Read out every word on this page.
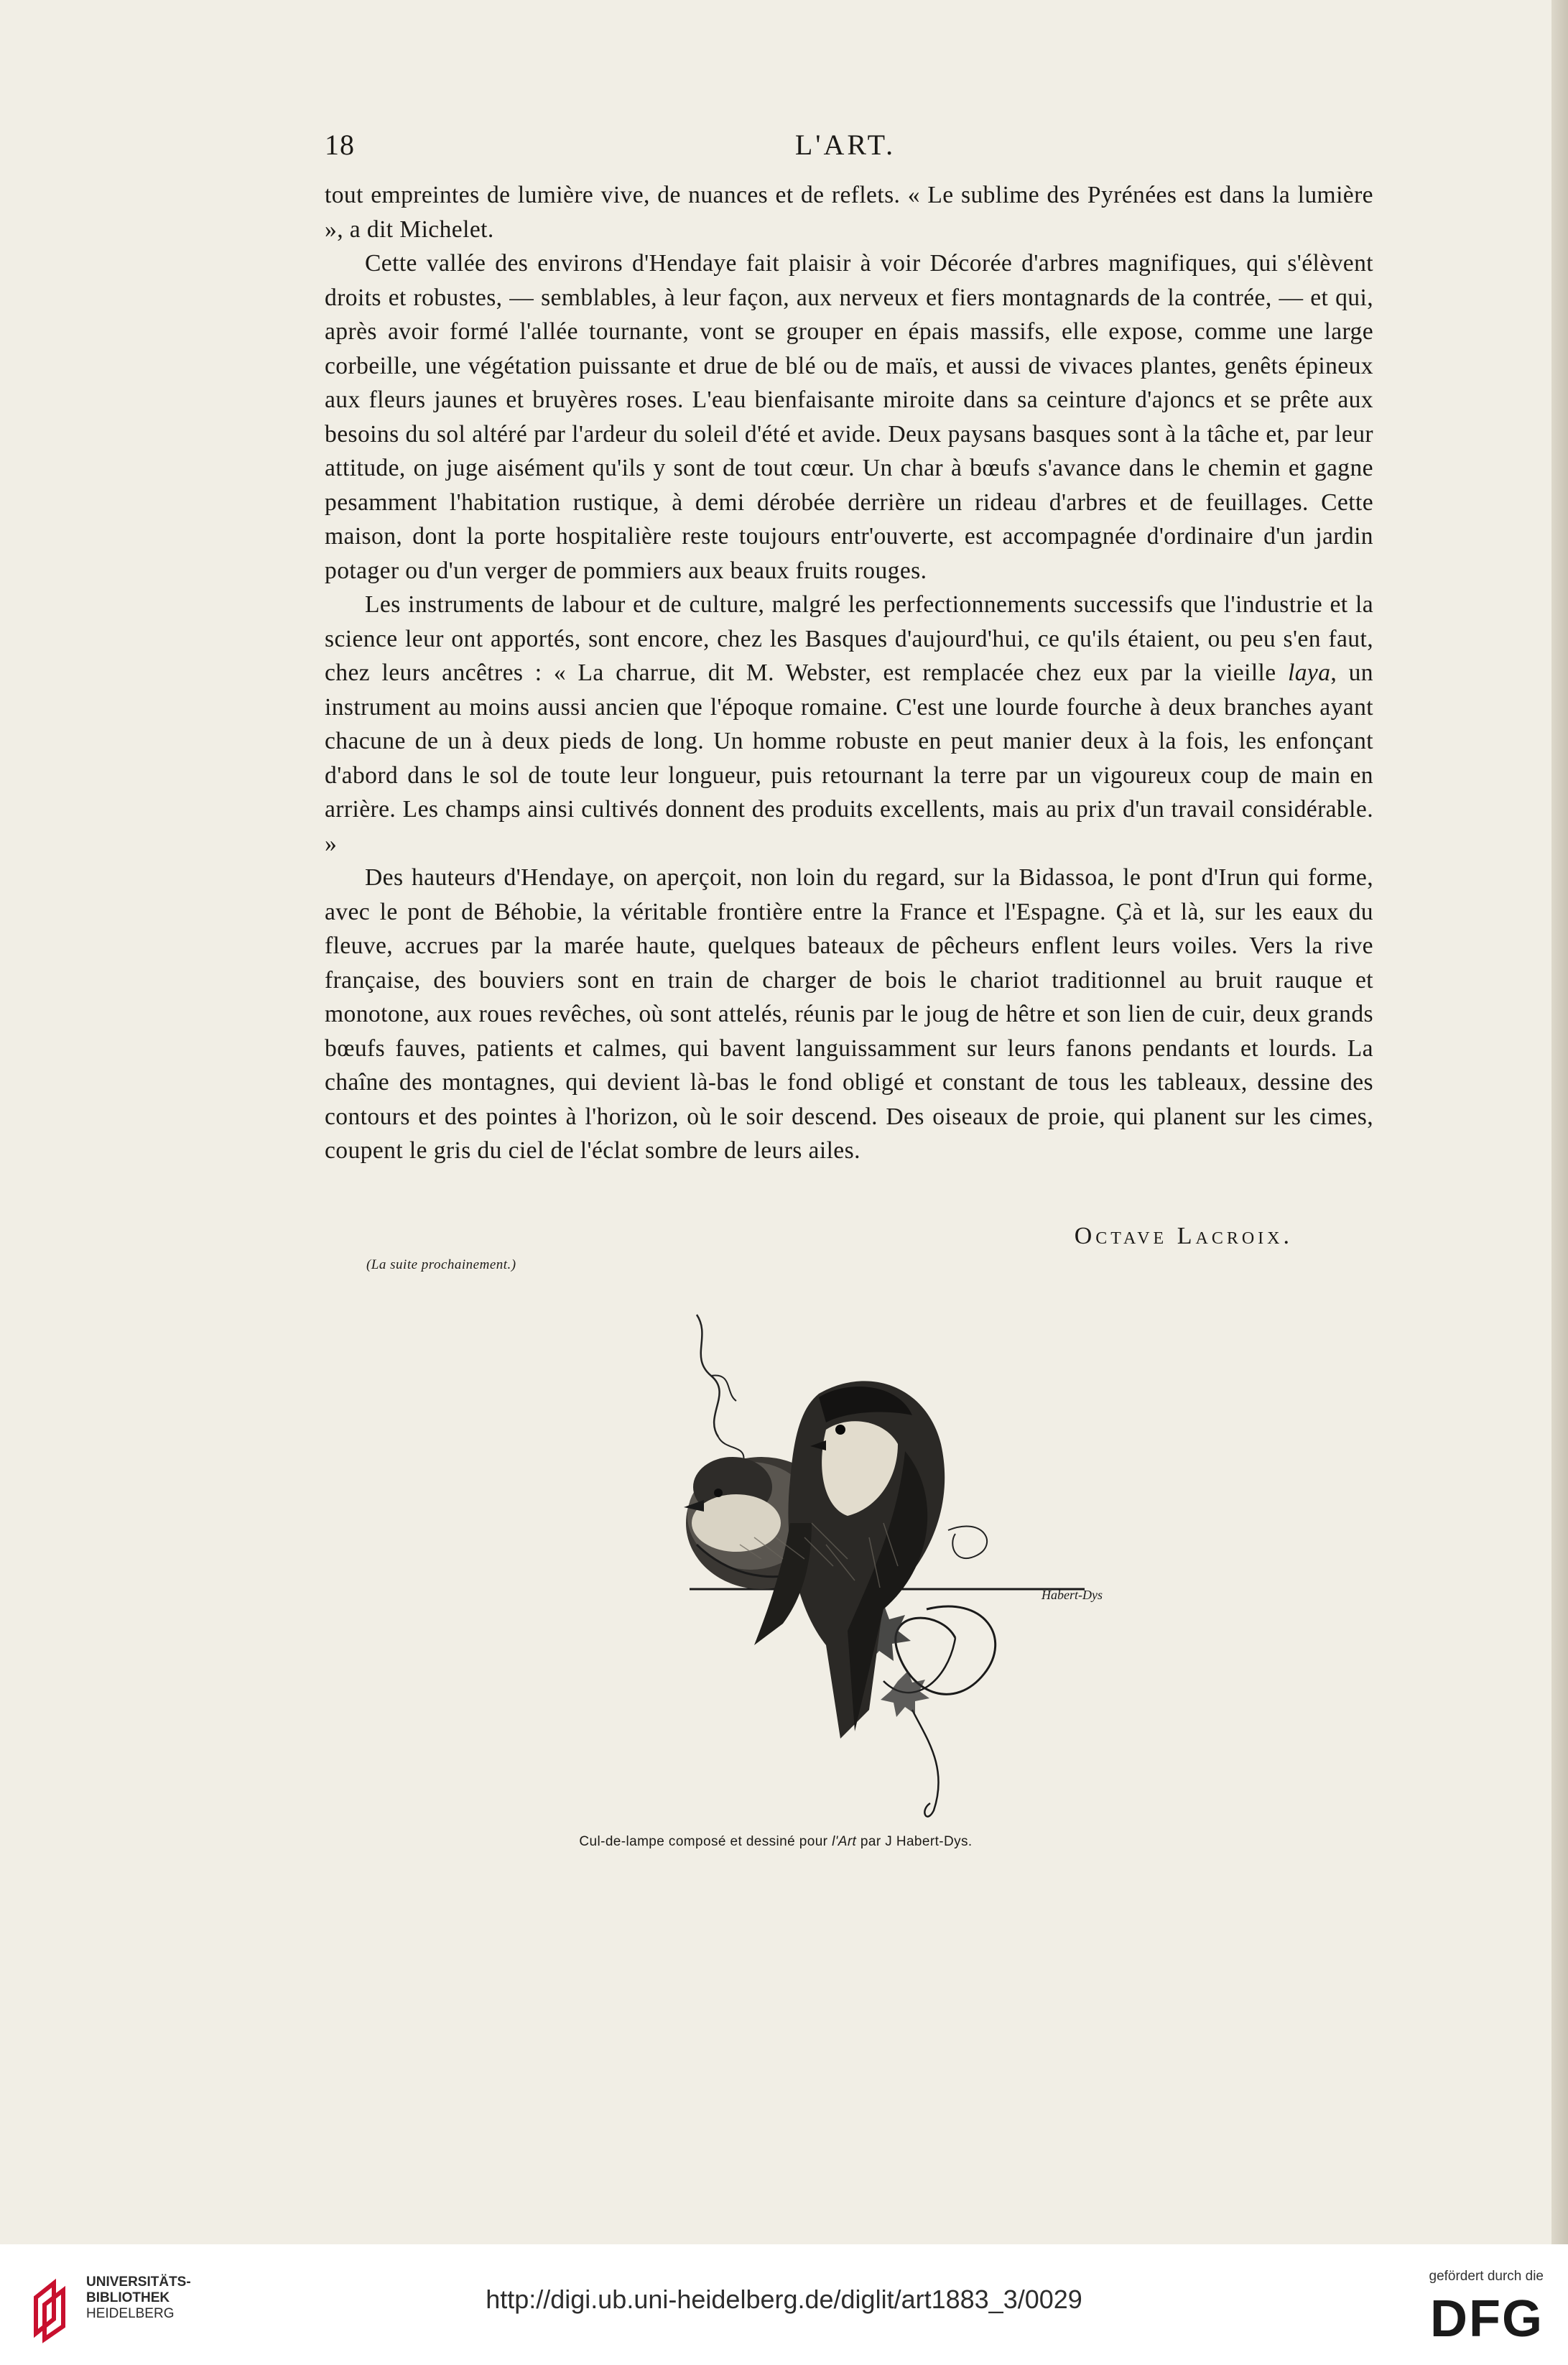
18	L'ART.

tout empreintes de lumière vive, de nuances et de reflets. « Le sublime des Pyrénées est dans la lumière », a dit Michelet.

Cette vallée des environs d'Hendaye fait plaisir à voir Décorée d'arbres magnifiques, qui s'élèvent droits et robustes, — semblables, à leur façon, aux nerveux et fiers montagnards de la contrée, — et qui, après avoir formé l'allée tournante, vont se grouper en épais massifs, elle expose, comme une large corbeille, une végétation puissante et drue de blé ou de maïs, et aussi de vivaces plantes, genêts épineux aux fleurs jaunes et bruyères roses. L'eau bienfaisante miroite dans sa ceinture d'ajoncs et se prête aux besoins du sol altéré par l'ardeur du soleil d'été et avide. Deux paysans basques sont à la tâche et, par leur attitude, on juge aisément qu'ils y sont de tout cœur. Un char à bœufs s'avance dans le chemin et gagne pesamment l'habitation rustique, à demi dérobée derrière un rideau d'arbres et de feuillages. Cette maison, dont la porte hospitalière reste toujours entr'ouverte, est accompagnée d'ordinaire d'un jardin potager ou d'un verger de pommiers aux beaux fruits rouges.

Les instruments de labour et de culture, malgré les perfectionnements successifs que l'industrie et la science leur ont apportés, sont encore, chez les Basques d'aujourd'hui, ce qu'ils étaient, ou peu s'en faut, chez leurs ancêtres : « La charrue, dit M. Webster, est remplacée chez eux par la vieille laya, un instrument au moins aussi ancien que l'époque romaine. C'est une lourde fourche à deux branches ayant chacune de un à deux pieds de long. Un homme robuste en peut manier deux à la fois, les enfonçant d'abord dans le sol de toute leur longueur, puis retournant la terre par un vigoureux coup de main en arrière. Les champs ainsi cultivés donnent des produits excellents, mais au prix d'un travail considérable. »

Des hauteurs d'Hendaye, on aperçoit, non loin du regard, sur la Bidassoa, le pont d'Irun qui forme, avec le pont de Béhobie, la véritable frontière entre la France et l'Espagne. Çà et là, sur les eaux du fleuve, accrues par la marée haute, quelques bateaux de pêcheurs enflent leurs voiles. Vers la rive française, des bouviers sont en train de charger de bois le chariot traditionnel au bruit rauque et monotone, aux roues revêches, où sont attelés, réunis par le joug de hêtre et son lien de cuir, deux grands bœufs fauves, patients et calmes, qui bavent languissamment sur leurs fanons pendants et lourds. La chaîne des montagnes, qui devient là-bas le fond obligé et constant de tous les tableaux, dessine des contours et des pointes à l'horizon, où le soir descend. Des oiseaux de proie, qui planent sur les cimes, coupent le gris du ciel de l'éclat sombre de leurs ailes.

Octave Lacroix.
(La suite prochainement.)
Habert-Dys
Cul-de-lampe composé et dessiné pour l'Art par J Habert-Dys.
UNIVERSITÄTS-
BIBLIOTHEK
HEIDELBERG	http://digi.ub.uni-heidelberg.de/diglit/art1883_3/0029
gefördert durch die
DFG
